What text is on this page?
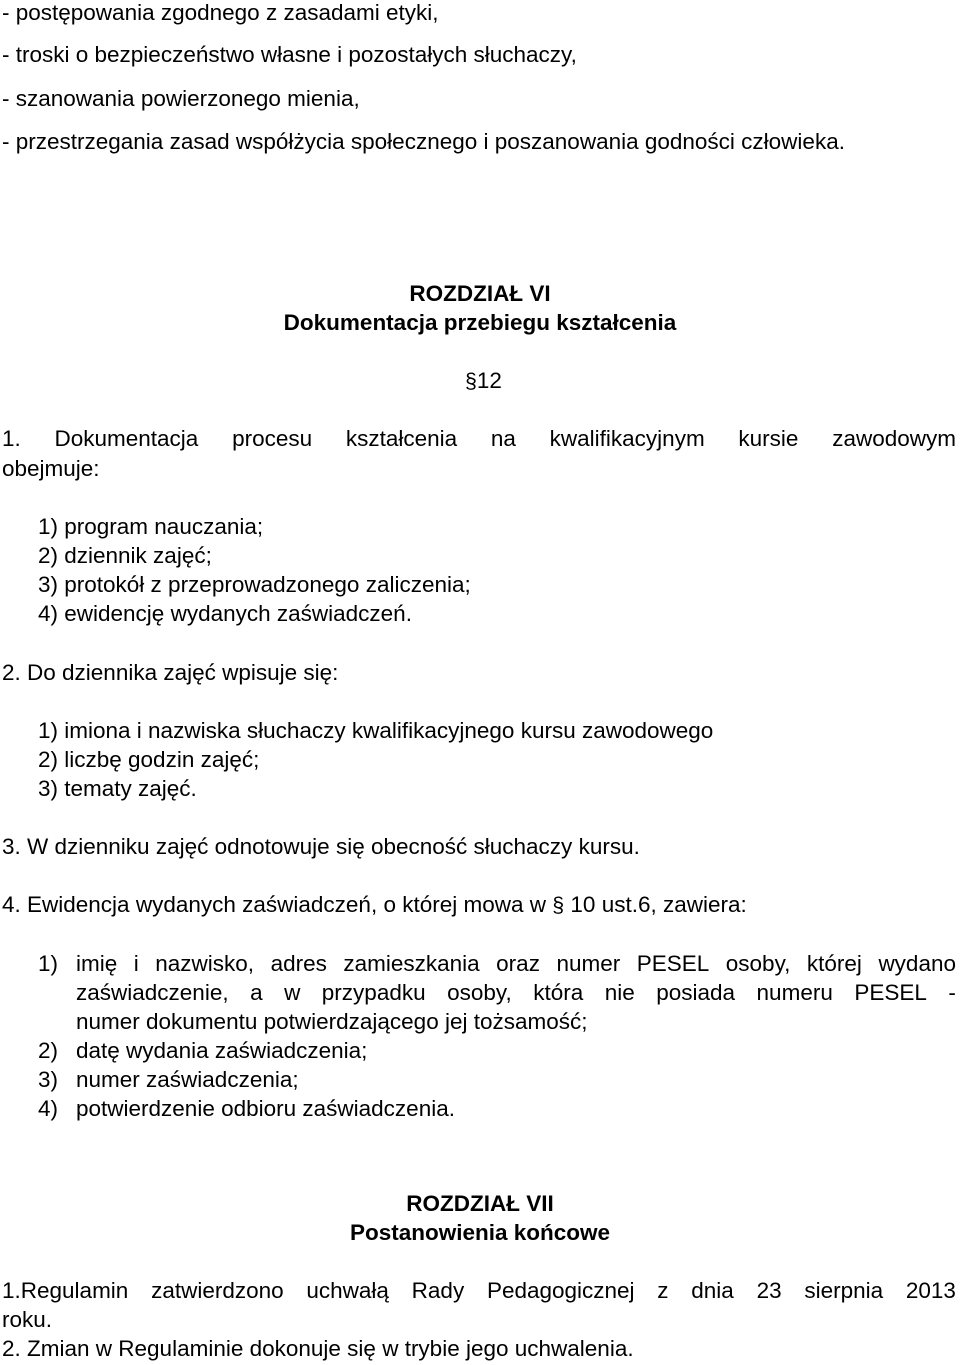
- postępowania zgodnego z zasadami etyki,
- troski o bezpieczeństwo własne i pozostałych słuchaczy,
- szanowania powierzonego mienia,
- przestrzegania zasad współżycia społecznego i poszanowania godności człowieka.
ROZDZIAŁ VI
Dokumentacja przebiegu kształcenia
§12
1. Dokumentacja procesu kształcenia na kwalifikacyjnym kursie zawodowym
obejmuje:
1) program nauczania;
2) dziennik zajęć;
3) protokół z przeprowadzonego zaliczenia;
4) ewidencję wydanych zaświadczeń.
2. Do dziennika zajęć wpisuje się:
1) imiona i nazwiska słuchaczy kwalifikacyjnego kursu zawodowego
2) liczbę godzin zajęć;
3) tematy zajęć.
3. W dzienniku zajęć odnotowuje się obecność słuchaczy kursu.
4. Ewidencja wydanych zaświadczeń, o której mowa w § 10 ust.6, zawiera:
1) imię i nazwisko, adres zamieszkania oraz numer PESEL osoby, której wydano
zaświadczenie, a w przypadku osoby, która nie posiada numeru PESEL -
numer dokumentu potwierdzającego jej tożsamość;
2) datę wydania zaświadczenia;
3) numer zaświadczenia;
4) potwierdzenie odbioru zaświadczenia.
ROZDZIAŁ VII
Postanowienia końcowe
1.Regulamin zatwierdzono uchwałą Rady Pedagogicznej z dnia 23 sierpnia 2013
roku.
2. Zmian w Regulaminie dokonuje się w trybie jego uchwalenia.
